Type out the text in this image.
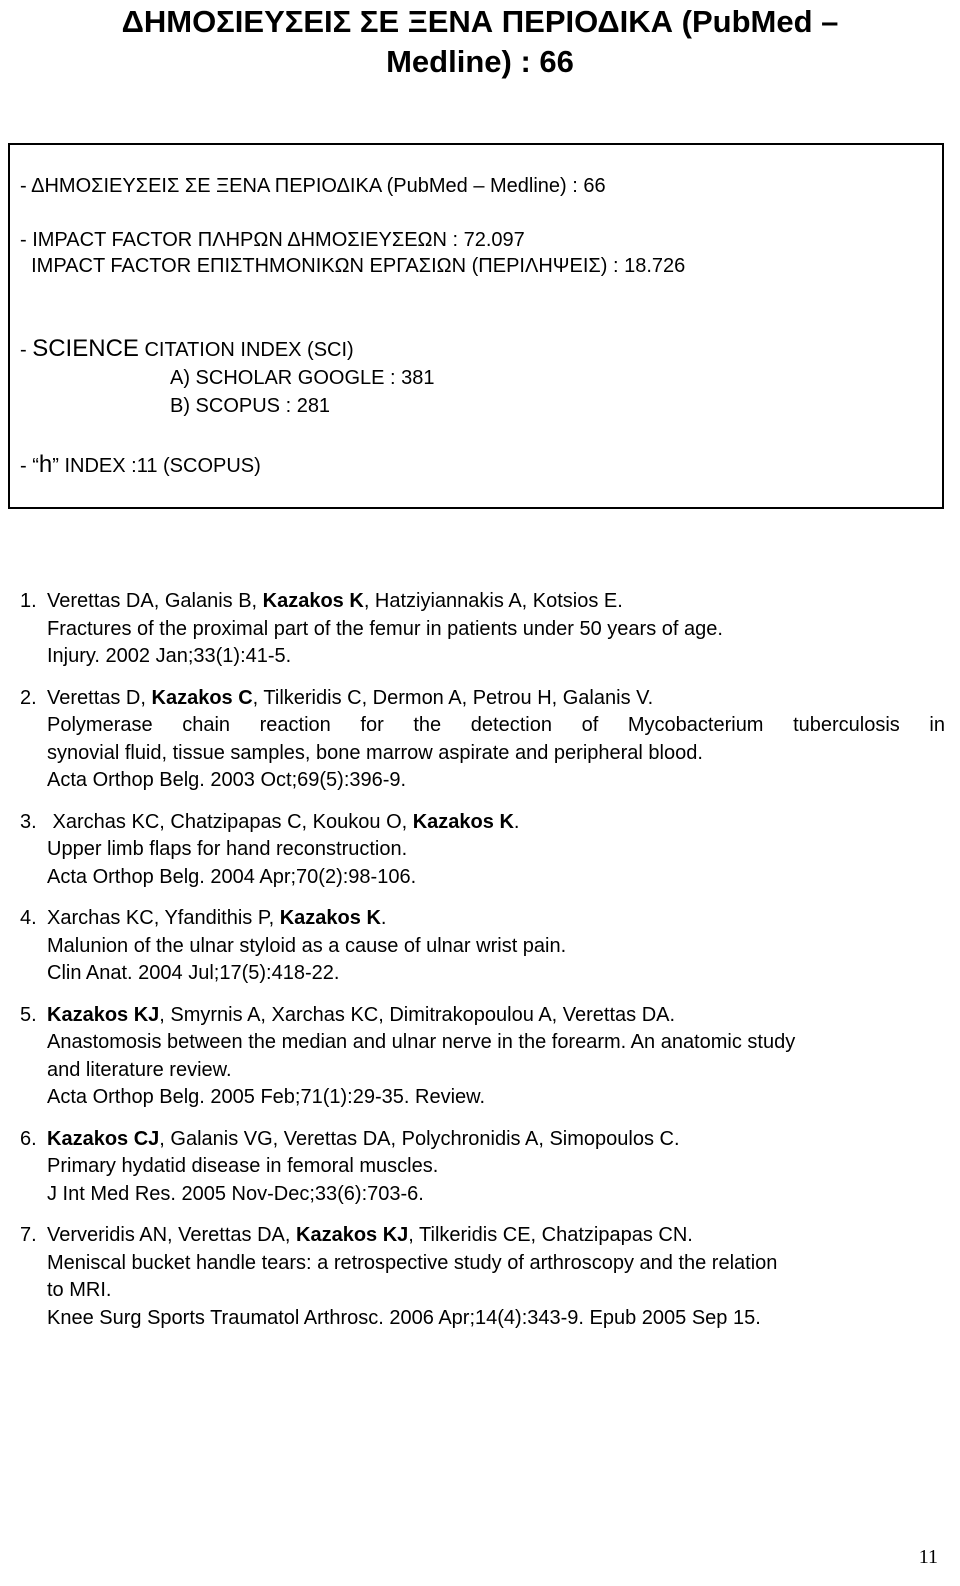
ΔΗΜΟΣΙΕΥΣΕΙΣ ΣΕ ΞΕΝΑ ΠΕΡΙΟΔΙΚΑ (PubMed –
Medline) : 66
- ΔΗΜΟΣΙΕΥΣΕΙΣ ΣΕ ΞΕΝΑ ΠΕΡΙΟΔΙΚΑ (PubMed – Medline) : 66
- IMPACT FACTOR ΠΛΗΡΩΝ ΔΗΜΟΣΙΕΥΣΕΩΝ : 72.097
IMPACT FACTOR ΕΠΙΣΤΗΜΟΝΙΚΩΝ ΕΡΓΑΣΙΩΝ (ΠΕΡΙΛΗΨΕΙΣ) : 18.726
- SCIENCE CITATION INDEX (SCI)
A) SCHOLAR GOOGLE : 381
B) SCOPUS : 281
- “h” INDEX :11 (SCOPUS)
1. Verettas DA, Galanis B, Kazakos K, Hatziyiannakis A, Kotsios E.
Fractures of the proximal part of the femur in patients under 50 years of age.
Injury. 2002 Jan;33(1):41-5.
2. Verettas D, Kazakos C, Tilkeridis C, Dermon A, Petrou H, Galanis V.
Polymerase chain reaction for the detection of Mycobacterium tuberculosis in
synovial fluid, tissue samples, bone marrow aspirate and peripheral blood.
Acta Orthop Belg. 2003 Oct;69(5):396-9.
3. Xarchas KC, Chatzipapas C, Koukou O, Kazakos K.
Upper limb flaps for hand reconstruction.
Acta Orthop Belg. 2004 Apr;70(2):98-106.
4. Xarchas KC, Yfandithis P, Kazakos K.
Malunion of the ulnar styloid as a cause of ulnar wrist pain.
Clin Anat. 2004 Jul;17(5):418-22.
5. Kazakos KJ, Smyrnis A, Xarchas KC, Dimitrakopoulou A, Verettas DA.
Anastomosis between the median and ulnar nerve in the forearm. An anatomic study
and literature review.
Acta Orthop Belg. 2005 Feb;71(1):29-35. Review.
6. Kazakos CJ, Galanis VG, Verettas DA, Polychronidis A, Simopoulos C.
Primary hydatid disease in femoral muscles.
J Int Med Res. 2005 Nov-Dec;33(6):703-6.
7. Ververidis AN, Verettas DA, Kazakos KJ, Tilkeridis CE, Chatzipapas CN.
Meniscal bucket handle tears: a retrospective study of arthroscopy and the relation
to MRI.
Knee Surg Sports Traumatol Arthrosc. 2006 Apr;14(4):343-9. Epub 2005 Sep 15.
11
